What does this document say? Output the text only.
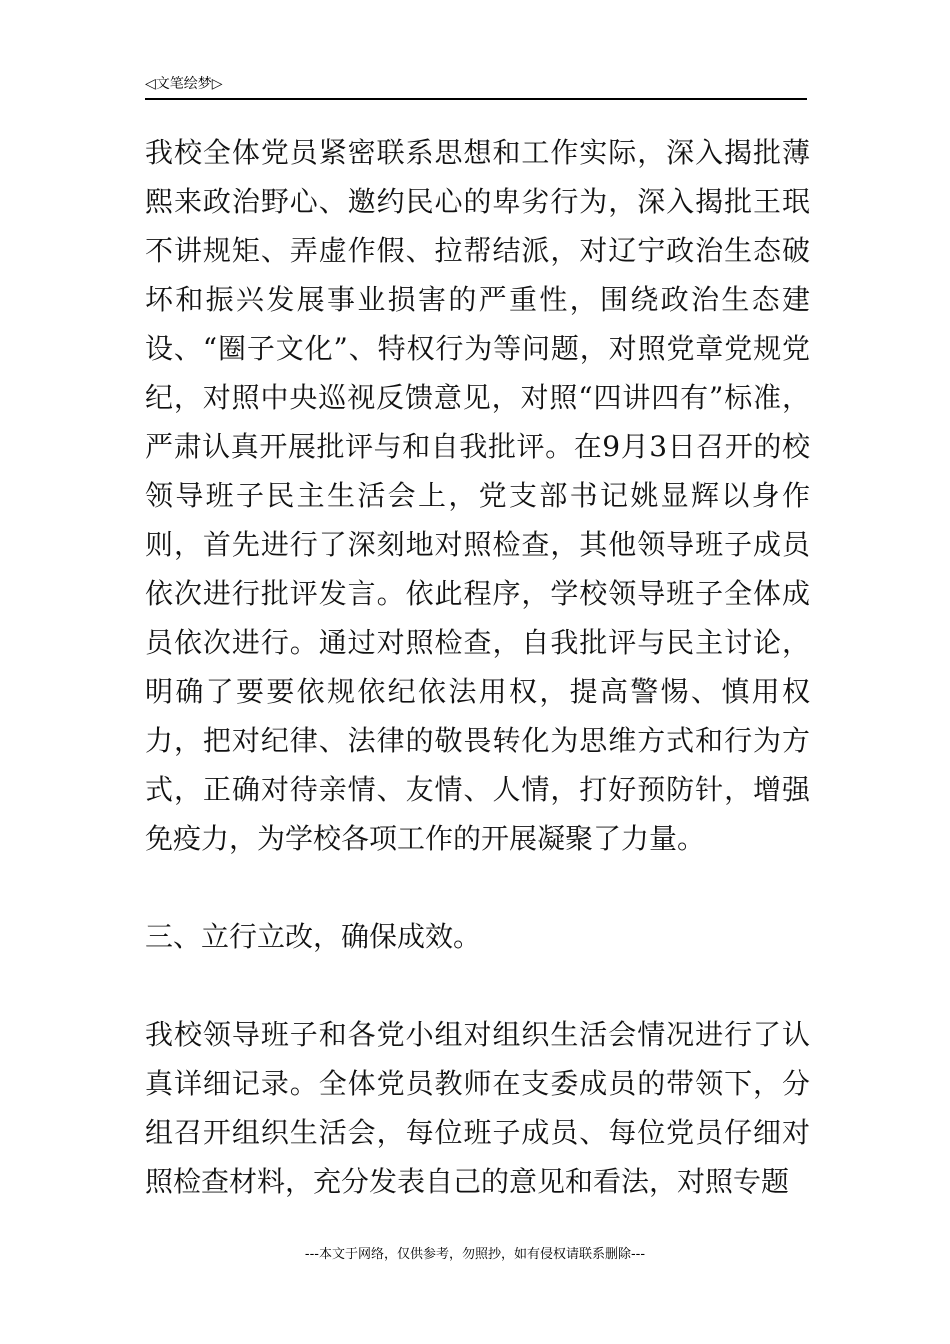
◁文笔绘梦▷

我校全体党员紧密联系思想和工作实际，深入揭批薄熙来政治野心、邀约民心的卑劣行为，深入揭批王珉不讲规矩、弄虚作假、拉帮结派，对辽宁政治生态破坏和振兴发展事业损害的严重性，围绕政治生态建设、“圈子文化”、特权行为等问题，对照党章党规党纪，对照中央巡视反馈意见，对照“四讲四有”标准，严肃认真开展批评与和自我批评。在9月3日召开的校领导班子民主生活会上，党支部书记姚显辉以身作则，首先进行了深刻地对照检查，其他领导班子成员依次进行批评发言。依此程序，学校领导班子全体成员依次进行。通过对照检查，自我批评与民主讨论，明确了要要依规依纪依法用权，提高警惕、慎用权力，把对纪律、法律的敬畏转化为思维方式和行为方式，正确对待亲情、友情、人情，打好预防针，增强免疫力，为学校各项工作的开展凝聚了力量。

三、立行立改，确保成效。

我校领导班子和各党小组对组织生活会情况进行了认真详细记录。全体党员教师在支委成员的带领下，分组召开组织生活会，每位班子成员、每位党员仔细对照检查材料，充分发表自己的意见和看法，对照专题

---本文于网络，仅供参考，勿照抄，如有侵权请联系删除---
